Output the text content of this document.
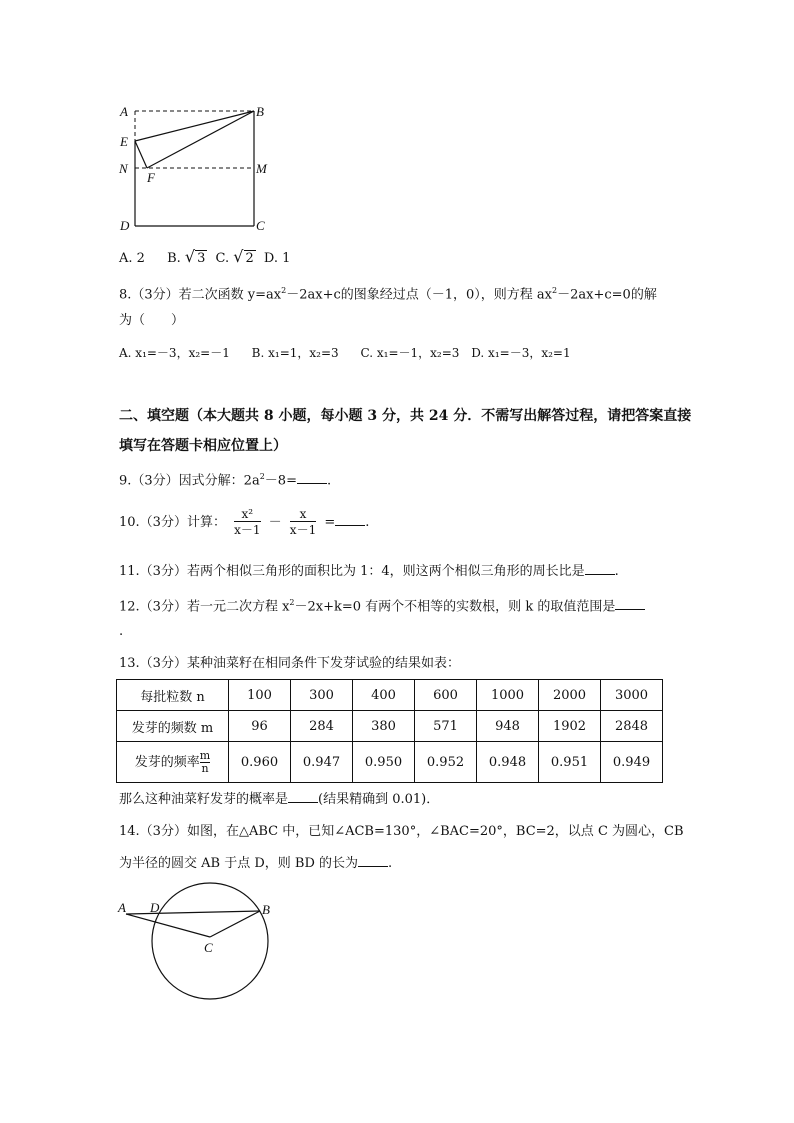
A	B
E
N
F
M
D	C
A. 2 B. √ 3 C. √ 2 D. 1
8.（3分）若二次函数 $y=ax^2-2ax+c$的图象经过点（－1，0），则方程 $ax^2-2ax+c=0$的解
为（　　）
A. x₁=－3，x₂=－1 B. x₁=1，x₂=3 C. x₁=－1，x₂=3 D. x₁=－3，x₂=1
二、填空题（本大题共 8 小题，每小题 3 分，共 24 分．不需写出解答过程，请把答案直接
填写在答题卡相应位置上）
9.（3分）因式分解：$2a^2-8=$ .
10.（3分）计算： $\frac{\text{x²}}{x-1} - \frac{x}{x-1}$ = .
11.（3分）若两个相似三角形的面积比为 1：4，则这两个相似三角形的周长比是 .
12.（3分）若一元二次方程 $x^2-2x+k=0$ 有两个不相等的实数根，则 k 的取值范围是
.
13.（3分）某种油菜籽在相同条件下发芽试验的结果如表：
每批粒数 n	100	300	400	600	1000	2000	3000
发芽的频数 m	96	284	380	571	948	1902	2848
发芽的频率 $\frac{m}{n}$	0.960	0.947	0.950	0.952	0.948	0.951	0.949
那么这种油菜籽发芽的概率是 (结果精确到 0.01)．
14.（3分）如图，在△ABC 中，已知∠ACB=130°，∠BAC=20°，BC=2，以点 C 为圆心，CB
为半径的圆交 AB 于点 D，则 BD 的长为 .
A D	B
C
